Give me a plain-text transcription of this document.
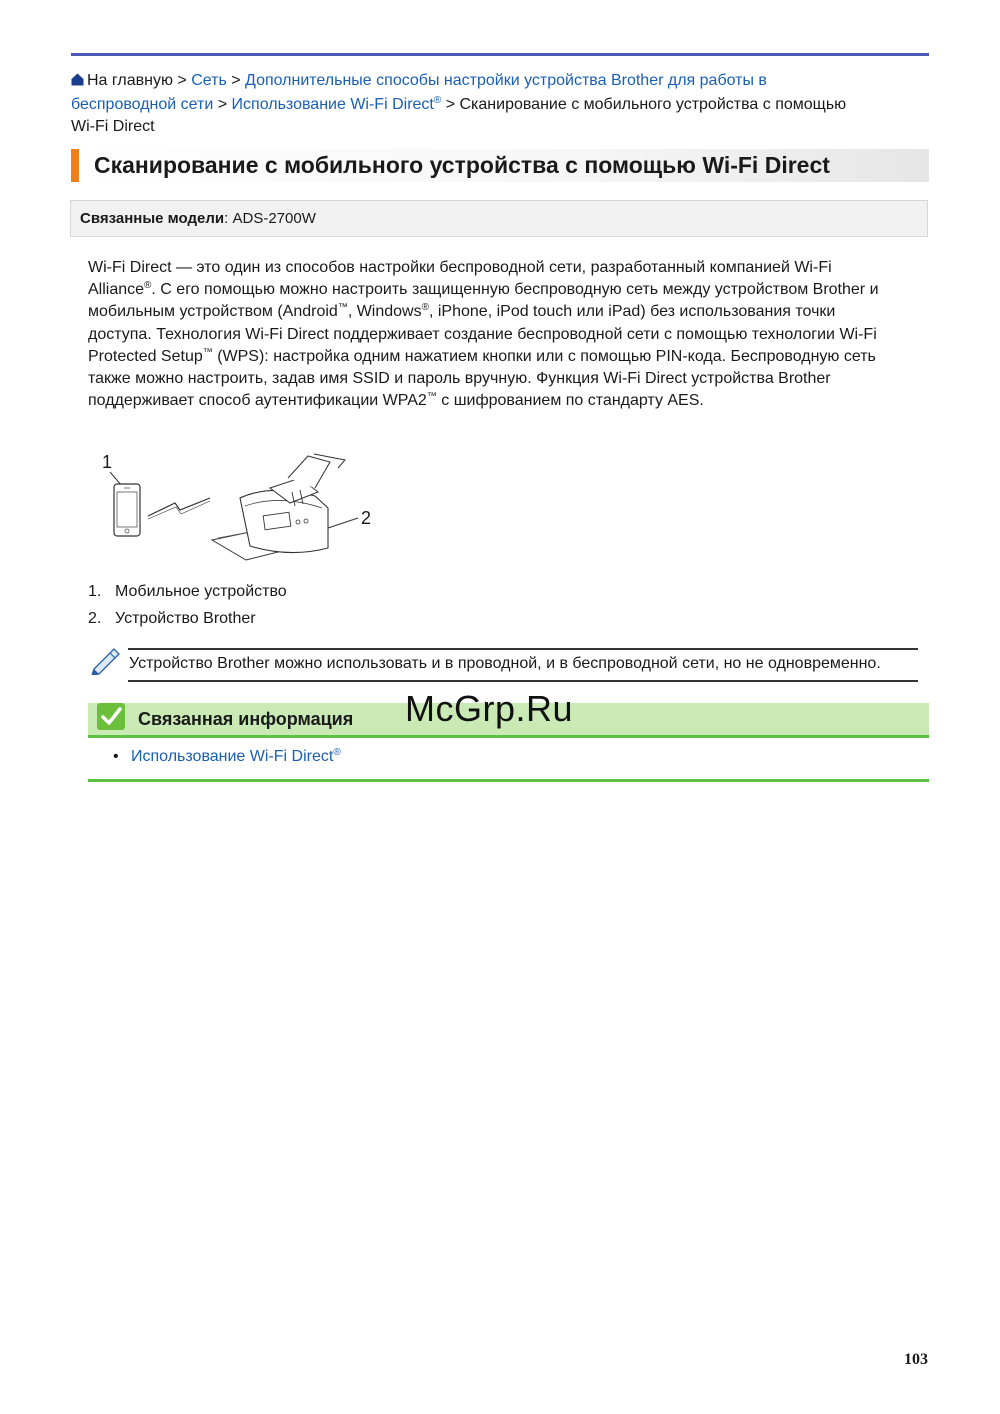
На главную > Сеть > Дополнительные способы настройки устройства Brother для работы в
беспроводной сети > Использование Wi-Fi Direct® > Сканирование с мобильного устройства с помощью
Wi-Fi Direct
Сканирование с мобильного устройства с помощью Wi-Fi Direct
Связанные модели: ADS-2700W

Wi-Fi Direct — это один из способов настройки беспроводной сети, разработанный компанией Wi-Fi

Alliance®. С его помощью можно настроить защищенную беспроводную сеть между устройством Brother и

мобильным устройством (Android™, Windows®, iPhone, iPod touch или iPad) без использования точки

доступа. Технология Wi-Fi Direct поддерживает создание беспроводной сети с помощью технологии Wi-Fi

Protected Setup™ (WPS): настройка одним нажатием кнопки или с помощью PIN-кода. Беспроводную сеть

также можно настроить, задав имя SSID и пароль вручную. Функция Wi-Fi Direct устройства Brother

поддерживает способ аутентификации WPA2™ с шифрованием по стандарту AES.

1
2
1. Мобильное устройство
2. Устройство Brother
Устройство Brother можно использовать и в проводной, и в беспроводной сети, но не одновременно.
Связанная информация McGrp.Ru
• Использование Wi-Fi Direct®
103
